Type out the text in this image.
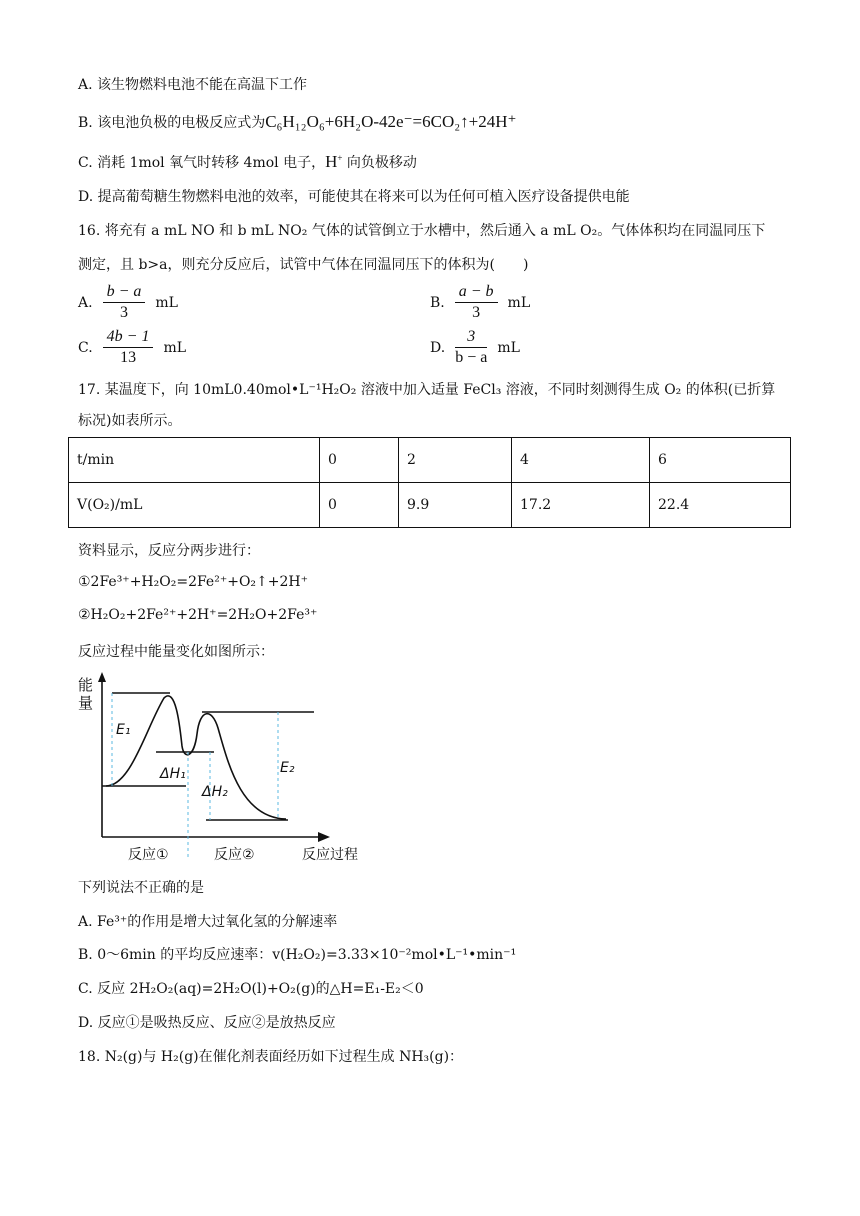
A. 该生物燃料电池不能在高温下工作
B. 该电池负极的电极反应式为C₆H₁₂O₆+6H₂O-42e⁻=6CO₂↑+24H⁺
C. 消耗 1mol 氧气时转移 4mol 电子，H+ 向负极移动
D. 提高葡萄糖生物燃料电池的效率，可能使其在将来可以为任何可植入医疗设备提供电能
16. 将充有 a mL NO 和 b mL NO₂ 气体的试管倒立于水槽中，然后通入 a mL O₂。气体体积均在同温同压下
测定，且 b>a，则充分反应后，试管中气体在同温同压下的体积为(　　)
A. $\frac{b - a}{3}$ mL	B. $\frac{a - b}{3}$ mL
C. $\frac{4b - 1}{13}$ mL	D. $\frac{3}{b - a}$ mL
17. 某温度下，向 10mL0.40mol•L⁻¹H₂O₂ 溶液中加入适量 FeCl₃ 溶液，不同时刻测得生成 O₂ 的体积(已折算
标况)如表所示。
t/min	0	2	4	6
V(O₂)/mL	0	9.9	17.2	22.4
资料显示，反应分两步进行：
①2Fe³⁺+H₂O₂=2Fe²⁺+O₂↑+2H⁺
②H₂O₂+2Fe²⁺+2H⁺=2H₂O+2Fe³⁺
反应过程中能量变化如图所示：
能
量
E₁
ΔH₁
ΔH₂
E₂
反应①	反应②	反应过程
下列说法不正确的是
A. Fe³⁺的作用是增大过氧化氢的分解速率
B. 0～6min 的平均反应速率：v(H₂O₂)=3.33×10⁻²mol•L⁻¹•min⁻¹
C. 反应 2H₂O₂(aq)=2H₂O(l)+O₂(g)的△H=E₁-E₂＜0
D. 反应①是吸热反应、反应②是放热反应
18. N₂(g)与 H₂(g)在催化剂表面经历如下过程生成 NH₃(g)：
